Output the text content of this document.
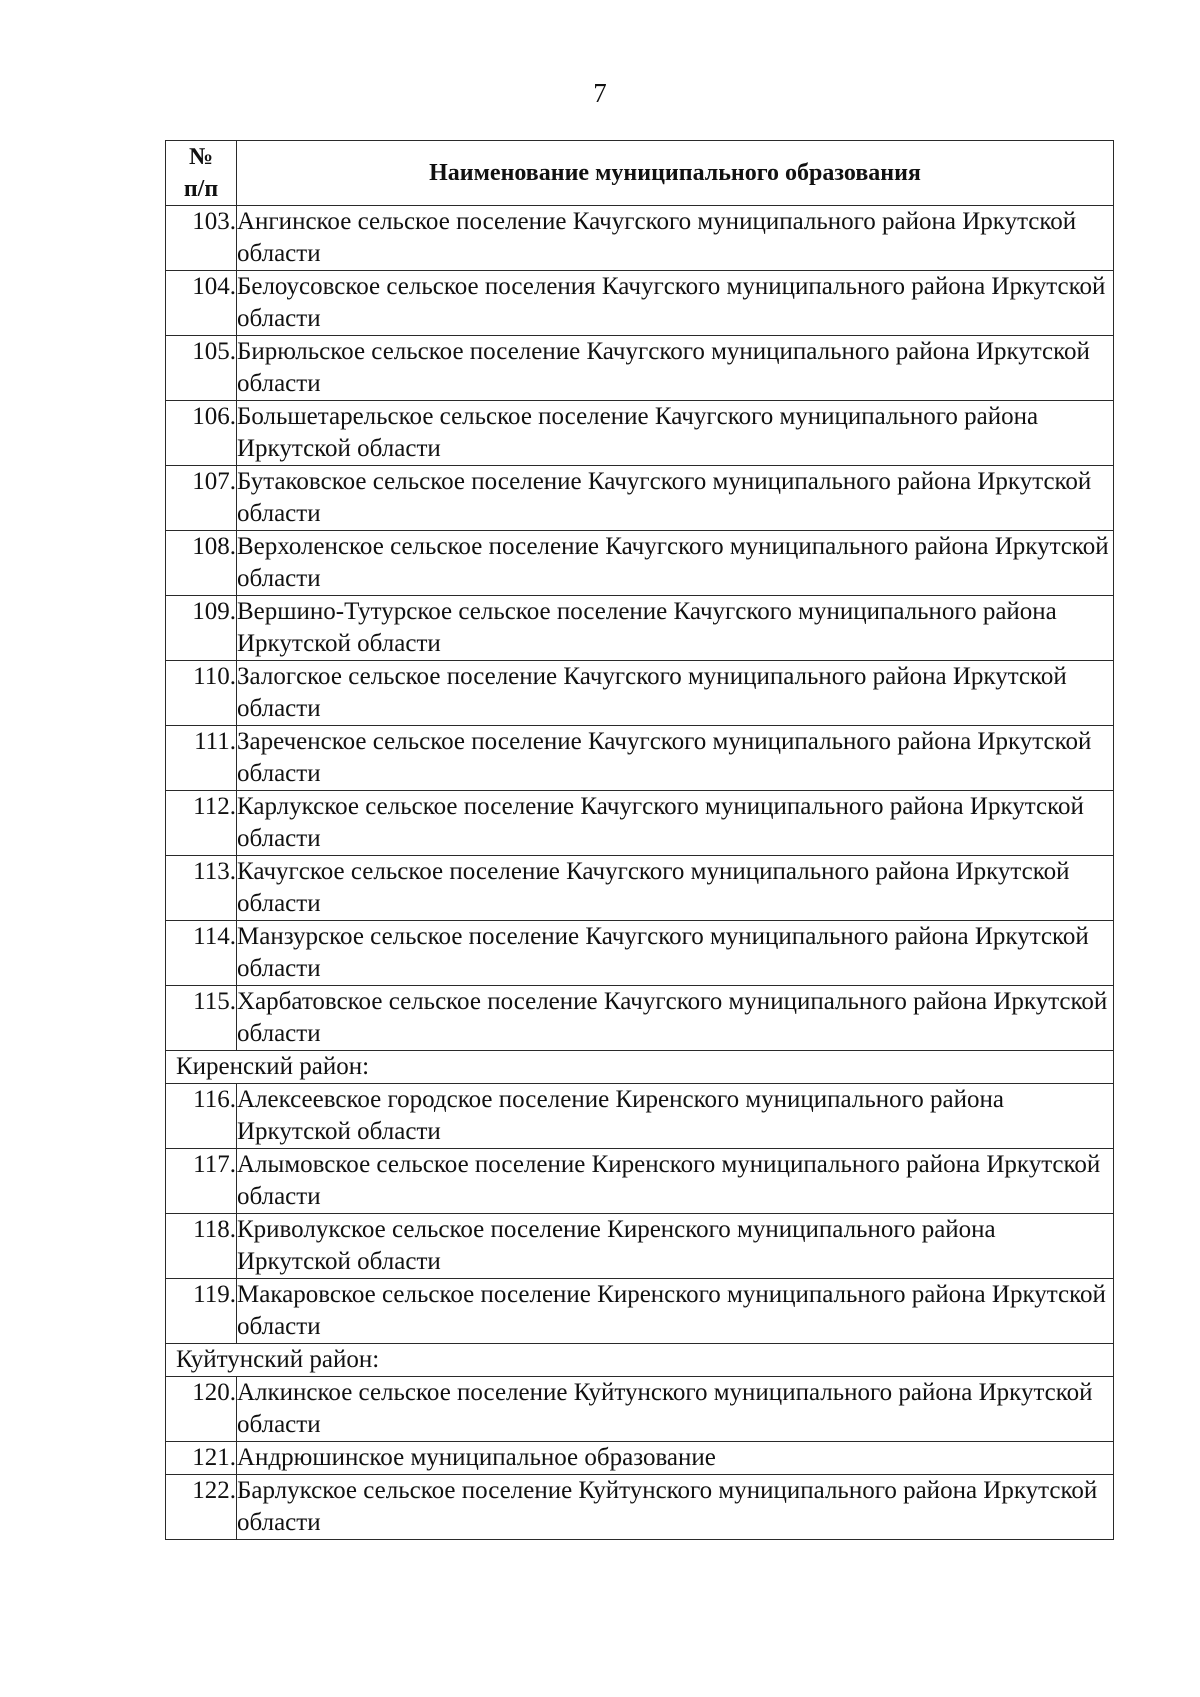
7
№
п/п	Наименование муниципального образования
103.	Ангинское сельское поселение Качугского муниципального района Иркутской области
104.	Белоусовское сельское поселения Качугского муниципального района Иркутской области
105.	Бирюльское сельское поселение Качугского муниципального района Иркутской области
106.	Большетарельское сельское поселение Качугского муниципального района Иркутской области
107.	Бутаковское сельское поселение Качугского муниципального района Иркутской области
108.	Верхоленское сельское поселение Качугского муниципального района Иркутской области
109.	Вершино-Тутурское сельское поселение Качугского муниципального района Иркутской области
110.	Залогское сельское поселение Качугского муниципального района Иркутской области
111.	Зареченское сельское поселение Качугского муниципального района Иркутской области
112.	Карлукское сельское поселение Качугского муниципального района Иркутской области
113.	Качугское сельское поселение Качугского муниципального района Иркутской области
114.	Манзурское сельское поселение Качугского муниципального района Иркутской области
115.	Харбатовское сельское поселение Качугского муниципального района Иркутской области
Киренский район:	
116.	Алексеевское городское поселение Киренского муниципального района Иркутской области
117.	Алымовское сельское поселение Киренского муниципального района Иркутской области
118.	Криволукское сельское поселение Киренского муниципального района Иркутской области
119.	Макаровское сельское поселение Киренского муниципального района Иркутской области
Куйтунский район:	
120.	Алкинское сельское поселение Куйтунского муниципального района Иркутской области
121.	Андрюшинское муниципальное образование
122.	Барлукское сельское поселение Куйтунского муниципального района Иркутской области
